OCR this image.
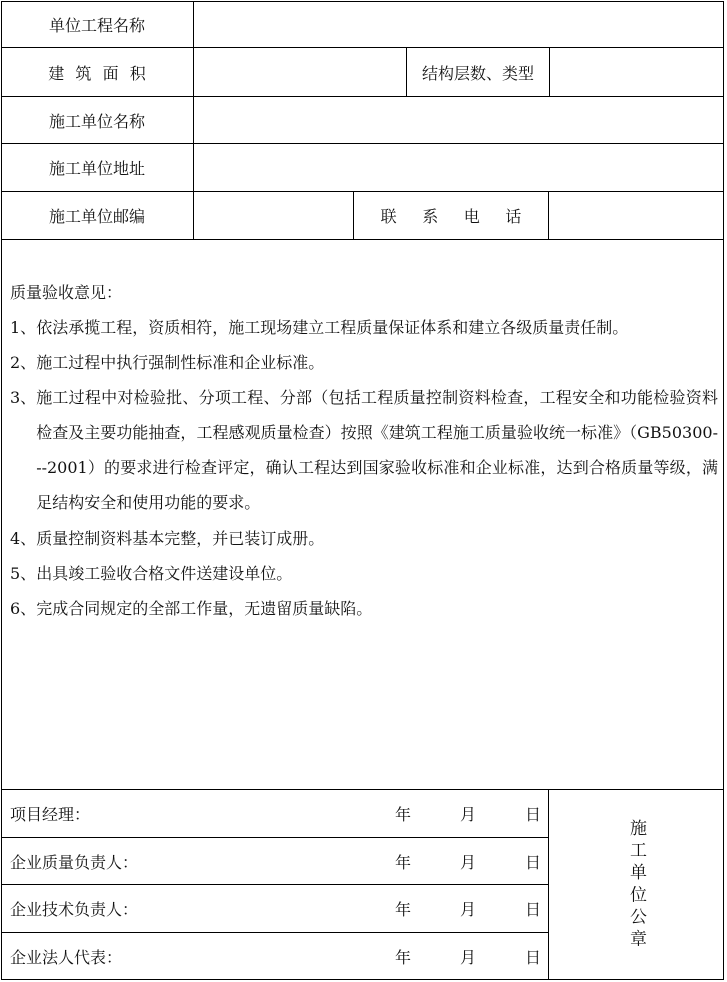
单位工程名称
建筑面积	结构层数、类型
施工单位名称
施工单位地址
施工单位邮编	联系电话
质量验收意见：
1、 依法承揽工程，资质相符，施工现场建立工程质量保证体系和建立各级质量责任制。
2、 施工过程中执行强制性标准和企业标准。
3、 施工过程中对检验批、分项工程、分部（包括工程质量控制资料检查，工程安全和功能检验资料检查及主要功能抽查，工程感观质量检查）按照《建筑工程施工质量验收统一标准》（GB50300---2001）的要求进行检查评定，确认工程达到国家验收标准和企业标准，达到合格质量等级，满足结构安全和使用功能的要求。
4、 质量控制资料基本完整，并已装订成册。
5、 出具竣工验收合格文件送建设单位。
6、 完成合同规定的全部工作量，无遗留质量缺陷。
项目经理：	年	月	日
企业质量负责人：	年	月	日
企业技术负责人：	年	月	日
企业法人代表：	年	月	日
施工单位公章
